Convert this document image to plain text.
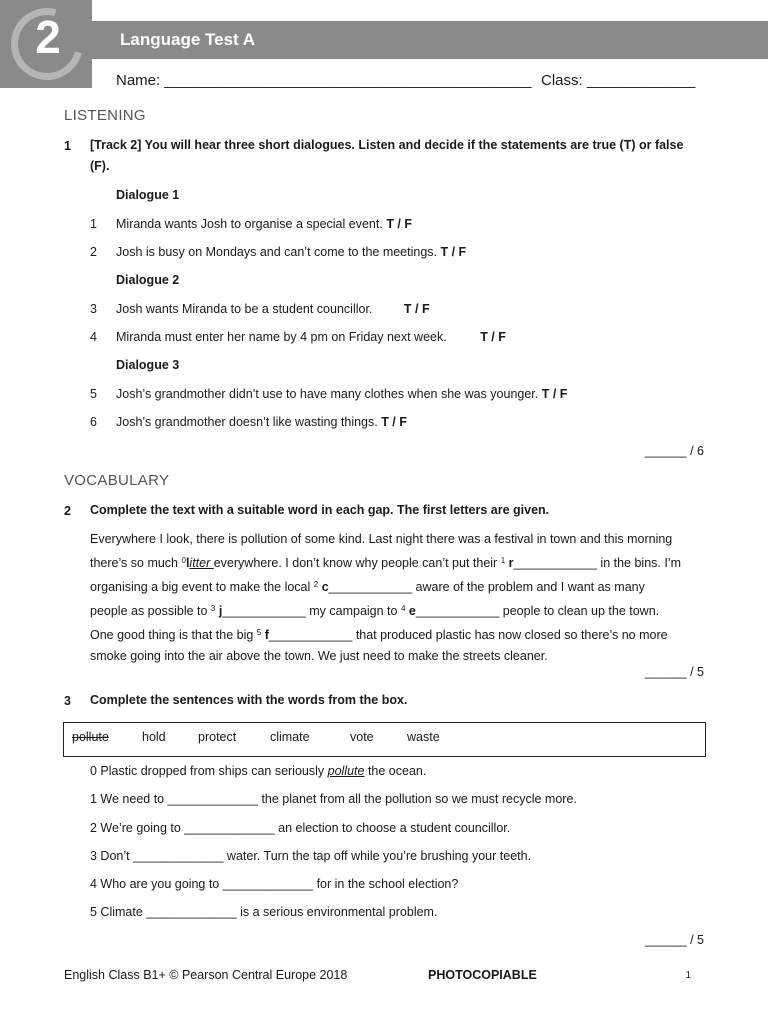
2	Language Test A
Name: ____________________________________________ Class: _____________
LISTENING
1 [Track 2] You will hear three short dialogues. Listen and decide if the statements are true (T) or false (F).
Dialogue 1
1 Miranda wants Josh to organise a special event. T / F
2 Josh is busy on Mondays and can’t come to the meetings. T / F
Dialogue 2
3 Josh wants Miranda to be a student councillor.	T / F
4 Miranda must enter her name by 4 pm on Friday next week.	T / F
Dialogue 3
5 Josh’s grandmother didn’t use to have many clothes when she was younger. T / F
6 Josh’s grandmother doesn’t like wasting things. T / F
______ / 6
VOCABULARY
2 Complete the text with a suitable word in each gap. The first letters are given.
Everywhere I look, there is pollution of some kind. Last night there was a festival in town and this morning
there’s so much $^0$litter everywhere. I don’t know why people can’t put their $^1$ r____________ in the bins. I’m
organising a big event to make the local $^2$ c____________ aware of the problem and I want as many
people as possible to $^3$ j____________ my campaign to $^4$ e____________ people to clean up the town.
One good thing is that the big $^5$ f____________ that produced plastic has now closed so there’s no more
smoke going into the air above the town. We just need to make the streets cleaner.
______ / 5
3 Complete the sentences with the words from the box.
pollute	hold	protect	climate	vote	waste
0 Plastic dropped from ships can seriously pollute the ocean.
1 We need to _____________ the planet from all the pollution so we must recycle more.
2 We’re going to _____________ an election to choose a student councillor.
3 Don’t _____________ water. Turn the tap off while you’re brushing your teeth.
4 Who are you going to _____________ for in the school election?
5 Climate _____________ is a serious environmental problem.
______ / 5
English Class B1+ © Pearson Central Europe 2018	PHOTOCOPIABLE	1
